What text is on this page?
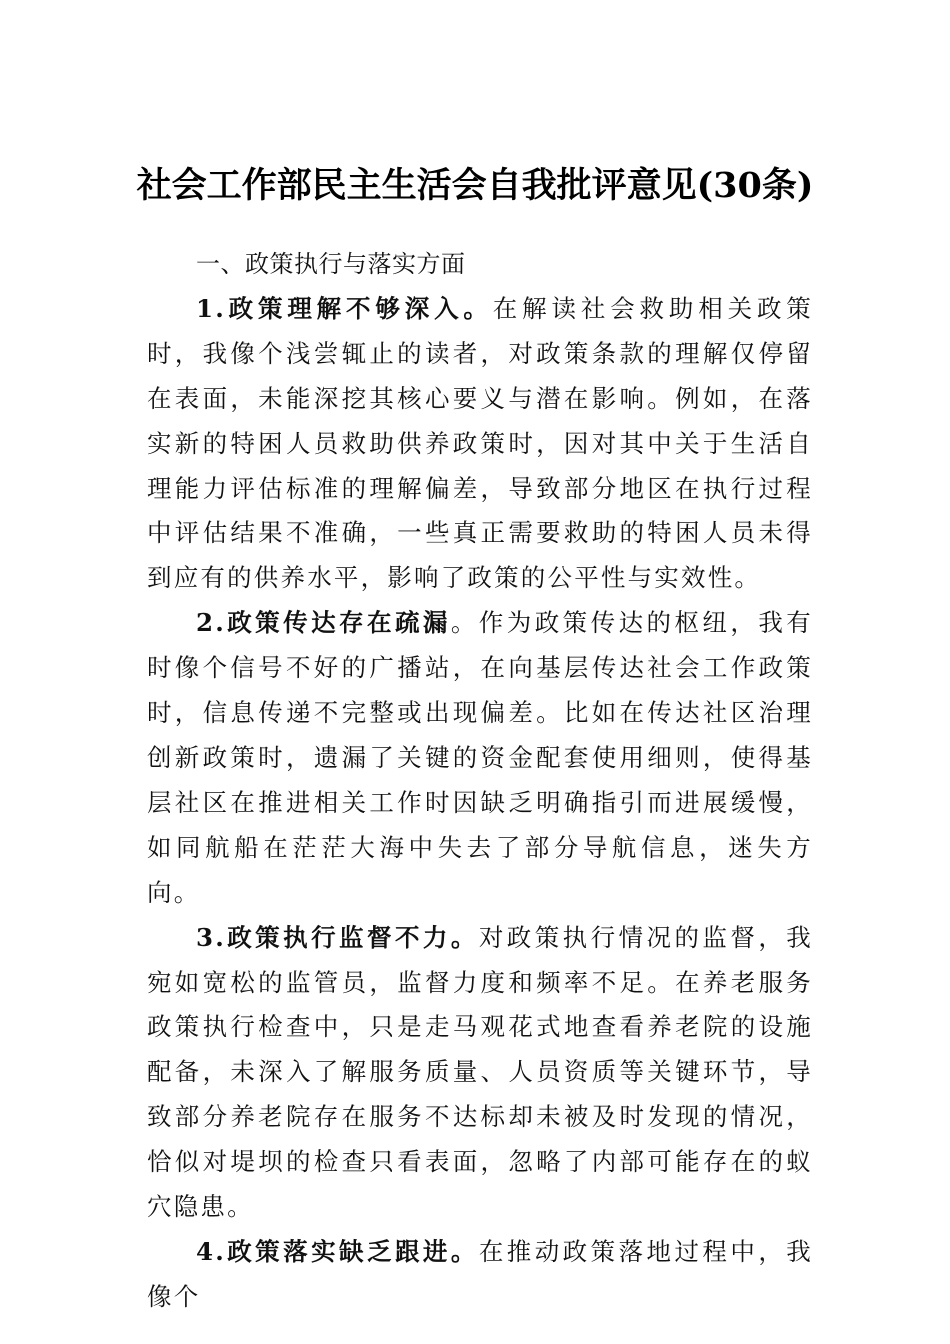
社会工作部民主生活会自我批评意见(30条)

一、政策执行与落实方面

1.政策理解不够深入。在解读社会救助相关政策时，我像个浅尝辄止的读者，对政策条款的理解仅停留在表面，未能深挖其核心要义与潜在影响。例如，在落实新的特困人员救助供养政策时，因对其中关于生活自理能力评估标准的理解偏差，导致部分地区在执行过程中评估结果不准确，一些真正需要救助的特困人员未得到应有的供养水平，影响了政策的公平性与实效性。

2.政策传达存在疏漏。作为政策传达的枢纽，我有时像个信号不好的广播站，在向基层传达社会工作政策时，信息传递不完整或出现偏差。比如在传达社区治理创新政策时，遗漏了关键的资金配套使用细则，使得基层社区在推进相关工作时因缺乏明确指引而进展缓慢，如同航船在茫茫大海中失去了部分导航信息，迷失方向。

3.政策执行监督不力。对政策执行情况的监督，我宛如宽松的监管员，监督力度和频率不足。在养老服务政策执行检查中，只是走马观花式地查看养老院的设施配备，未深入了解服务质量、人员资质等关键环节，导致部分养老院存在服务不达标却未被及时发现的情况，恰似对堤坝的检查只看表面，忽略了内部可能存在的蚁穴隐患。

4.政策落实缺乏跟进。在推动政策落地过程中，我像个
